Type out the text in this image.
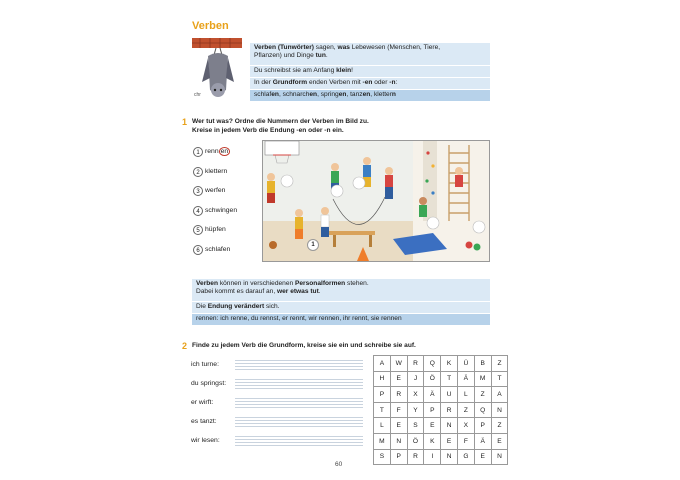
Verben
chr
Verben (Tunwörter) sagen, was Lebewesen (Menschen, Tiere,
Pflanzen) und Dinge tun.
Du schreibst sie am Anfang klein!
In der Grundform enden Verben mit -en oder -n:
schlafen, schnarchen, springen, tanzen, klettern
1 Wer tut was? Ordne die Nummern der Verben im Bild zu.
Kreise in jedem Verb die Endung -en oder -n ein.
1 renn en
2 klettern
3 werfen
4 schwingen
5 hüpfen
6 schlafen
1
Verben können in verschiedenen Personalformen stehen.
Dabei kommt es darauf an, wer etwas tut.
Die Endung verändert sich.
rennen: ich renne, du rennst, er rennt, wir rennen, ihr rennt, sie rennen
2 Finde zu jedem Verb die Grundform, kreise sie ein und schreibe sie auf.
ich turne:
du springst:
er wirft:
es tanzt:
wir lesen:
A	W	R	Q	K	Ü	B	Z
H	E	J	Ö	T	Ä	M	T
P	R	X	Ä	U	L	Z	A
T	F	Y	P	R	Z	Q	N
L	E	S	E	N	X	P	Z
M	N	Ö	K	E	F	Ä	E
S	P	R	I	N	G	E	N
60
